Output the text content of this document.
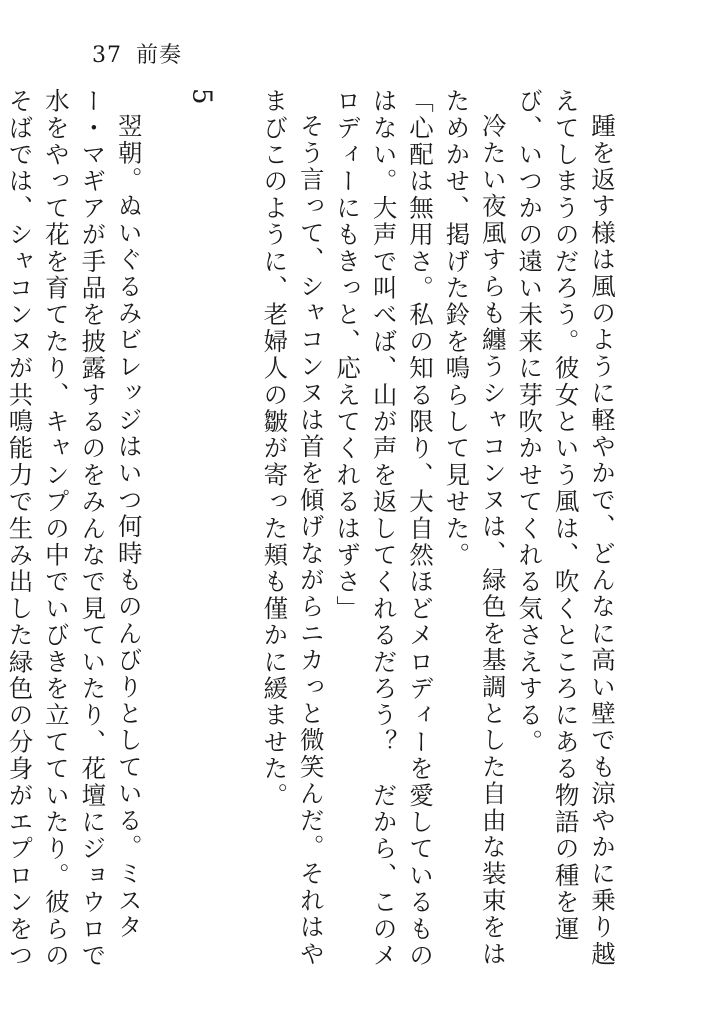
37 前奏

踵を返す様は風のように軽やかで、どんなに高い壁でも涼やかに乗り越えてしまうのだろう。彼女という風は、吹くところにある物語の種を運び、いつかの遠い未来に芽吹かせてくれる気さえする。

冷たい夜風すらも纏うシャコンヌは、緑色を基調とした自由な装束をはためかせ、掲げた鈴を鳴らして見せた。

「心配は無用さ。私の知る限り、大自然ほどメロディーを愛しているものはない。大声で叫べば、山が声を返してくれるだろう？　だから、このメロディーにもきっと、応えてくれるはずさ」

そう言って、シャコンヌは首を傾げながらニカっと微笑んだ。それはやまびこのように、老婦人の皺が寄った頬も僅かに緩ませた。

5

翌朝。ぬいぐるみビレッジはいつ何時ものんびりとしている。ミスター・マギアが手品を披露するのをみんなで見ていたり、花壇にジョウロで水をやって花を育てたり、キャンプの中でいびきを立てていたり。彼らのそばでは、シャコンヌが共鳴能力で生み出した緑色の分身がエプロンをつ
